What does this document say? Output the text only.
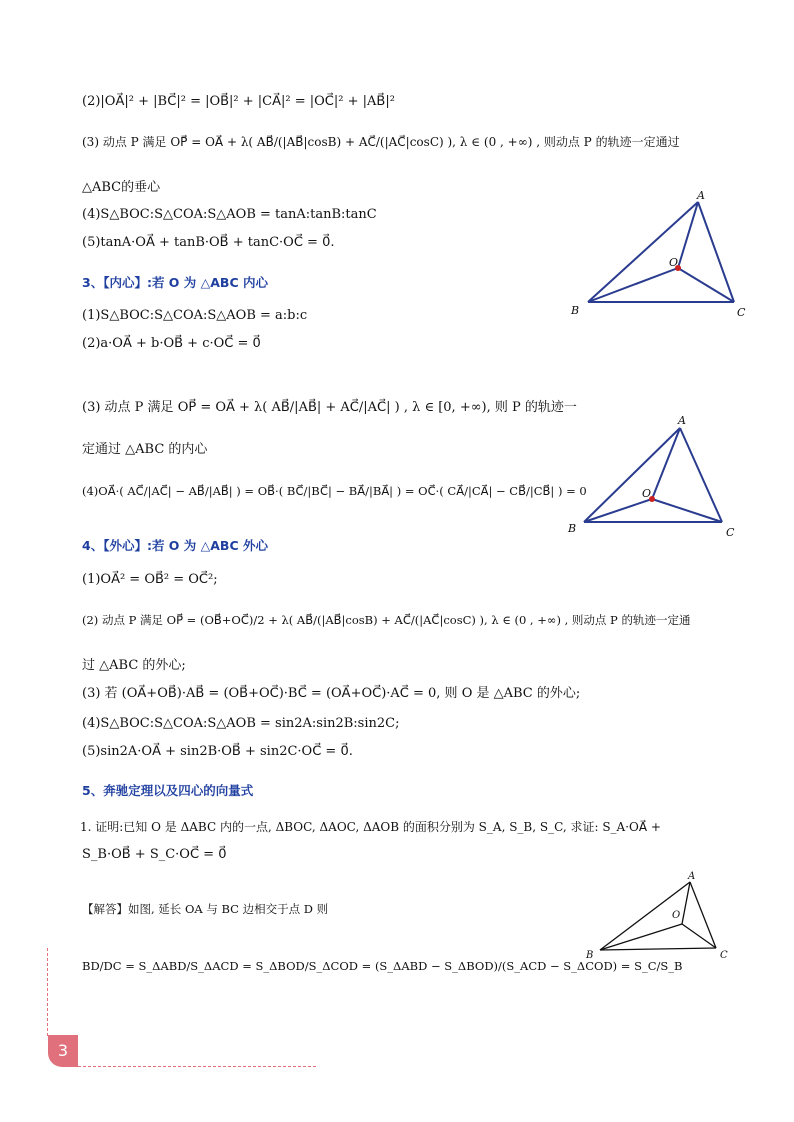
(2)|OA⃗|² + |BC⃗|² = |OB⃗|² + |CA⃗|² = |OC⃗|² + |AB⃗|²
(3) 动点 P 满足 OP⃗ = OA⃗ + λ( AB⃗/(|AB⃗|cosB) + AC⃗/(|AC⃗|cosC) ), λ ∈ (0 , +∞) , 则动点 P 的轨迹一定通过
△ABC的垂心
(4)S△BOC:S△COA:S△AOB = tanA:tanB:tanC
(5)tanA·OA⃗ + tanB·OB⃗ + tanC·OC⃗ = 0⃗.
A
B	C
O
3、【内心】:若 O 为 △ABC 内心
(1)S△BOC:S△COA:S△AOB = a:b:c
(2)a·OA⃗ + b·OB⃗ + c·OC⃗ = 0⃗
(3) 动点 P 满足 OP⃗ = OA⃗ + λ( AB⃗/|AB⃗| + AC⃗/|AC⃗| ) , λ ∈ [0, +∞), 则 P 的轨迹一
定通过 △ABC 的内心
(4)OA⃗·( AC⃗/|AC⃗| − AB⃗/|AB⃗| ) = OB⃗·( BC⃗/|BC⃗| − BA⃗/|BA⃗| ) = OC⃗·( CA⃗/|CA⃗| − CB⃗/|CB⃗| ) = 0
A
B	C
O
4、【外心】:若 O 为 △ABC 外心
(1)OA⃗² = OB⃗² = OC⃗²;
(2) 动点 P 满足 OP⃗ = (OB⃗+OC⃗)/2 + λ( AB⃗/(|AB⃗|cosB) + AC⃗/(|AC⃗|cosC) ), λ ∈ (0 , +∞) , 则动点 P 的轨迹一定通
过 △ABC 的外心;
(3) 若 (OA⃗+OB⃗)·AB⃗ = (OB⃗+OC⃗)·BC⃗ = (OA⃗+OC⃗)·AC⃗ = 0, 则 O 是 △ABC 的外心;
(4)S△BOC:S△COA:S△AOB = sin2A:sin2B:sin2C;
(5)sin2A·OA⃗ + sin2B·OB⃗ + sin2C·OC⃗ = 0⃗.
5、奔驰定理以及四心的向量式
1. 证明:已知 O 是 ΔABC 内的一点, ΔBOC, ΔAOC, ΔAOB 的面积分别为 S_A, S_B, S_C, 求证: S_A·OA⃗ +
S_B·OB⃗ + S_C·OC⃗ = 0⃗
【解答】如图, 延长 OA 与 BC 边相交于点 D 则
BD/DC = S_ΔABD/S_ΔACD = S_ΔBOD/S_ΔCOD = (S_ΔABD − S_ΔBOD)/(S_ACD − S_ΔCOD) = S_C/S_B
A
B	C
O
3
